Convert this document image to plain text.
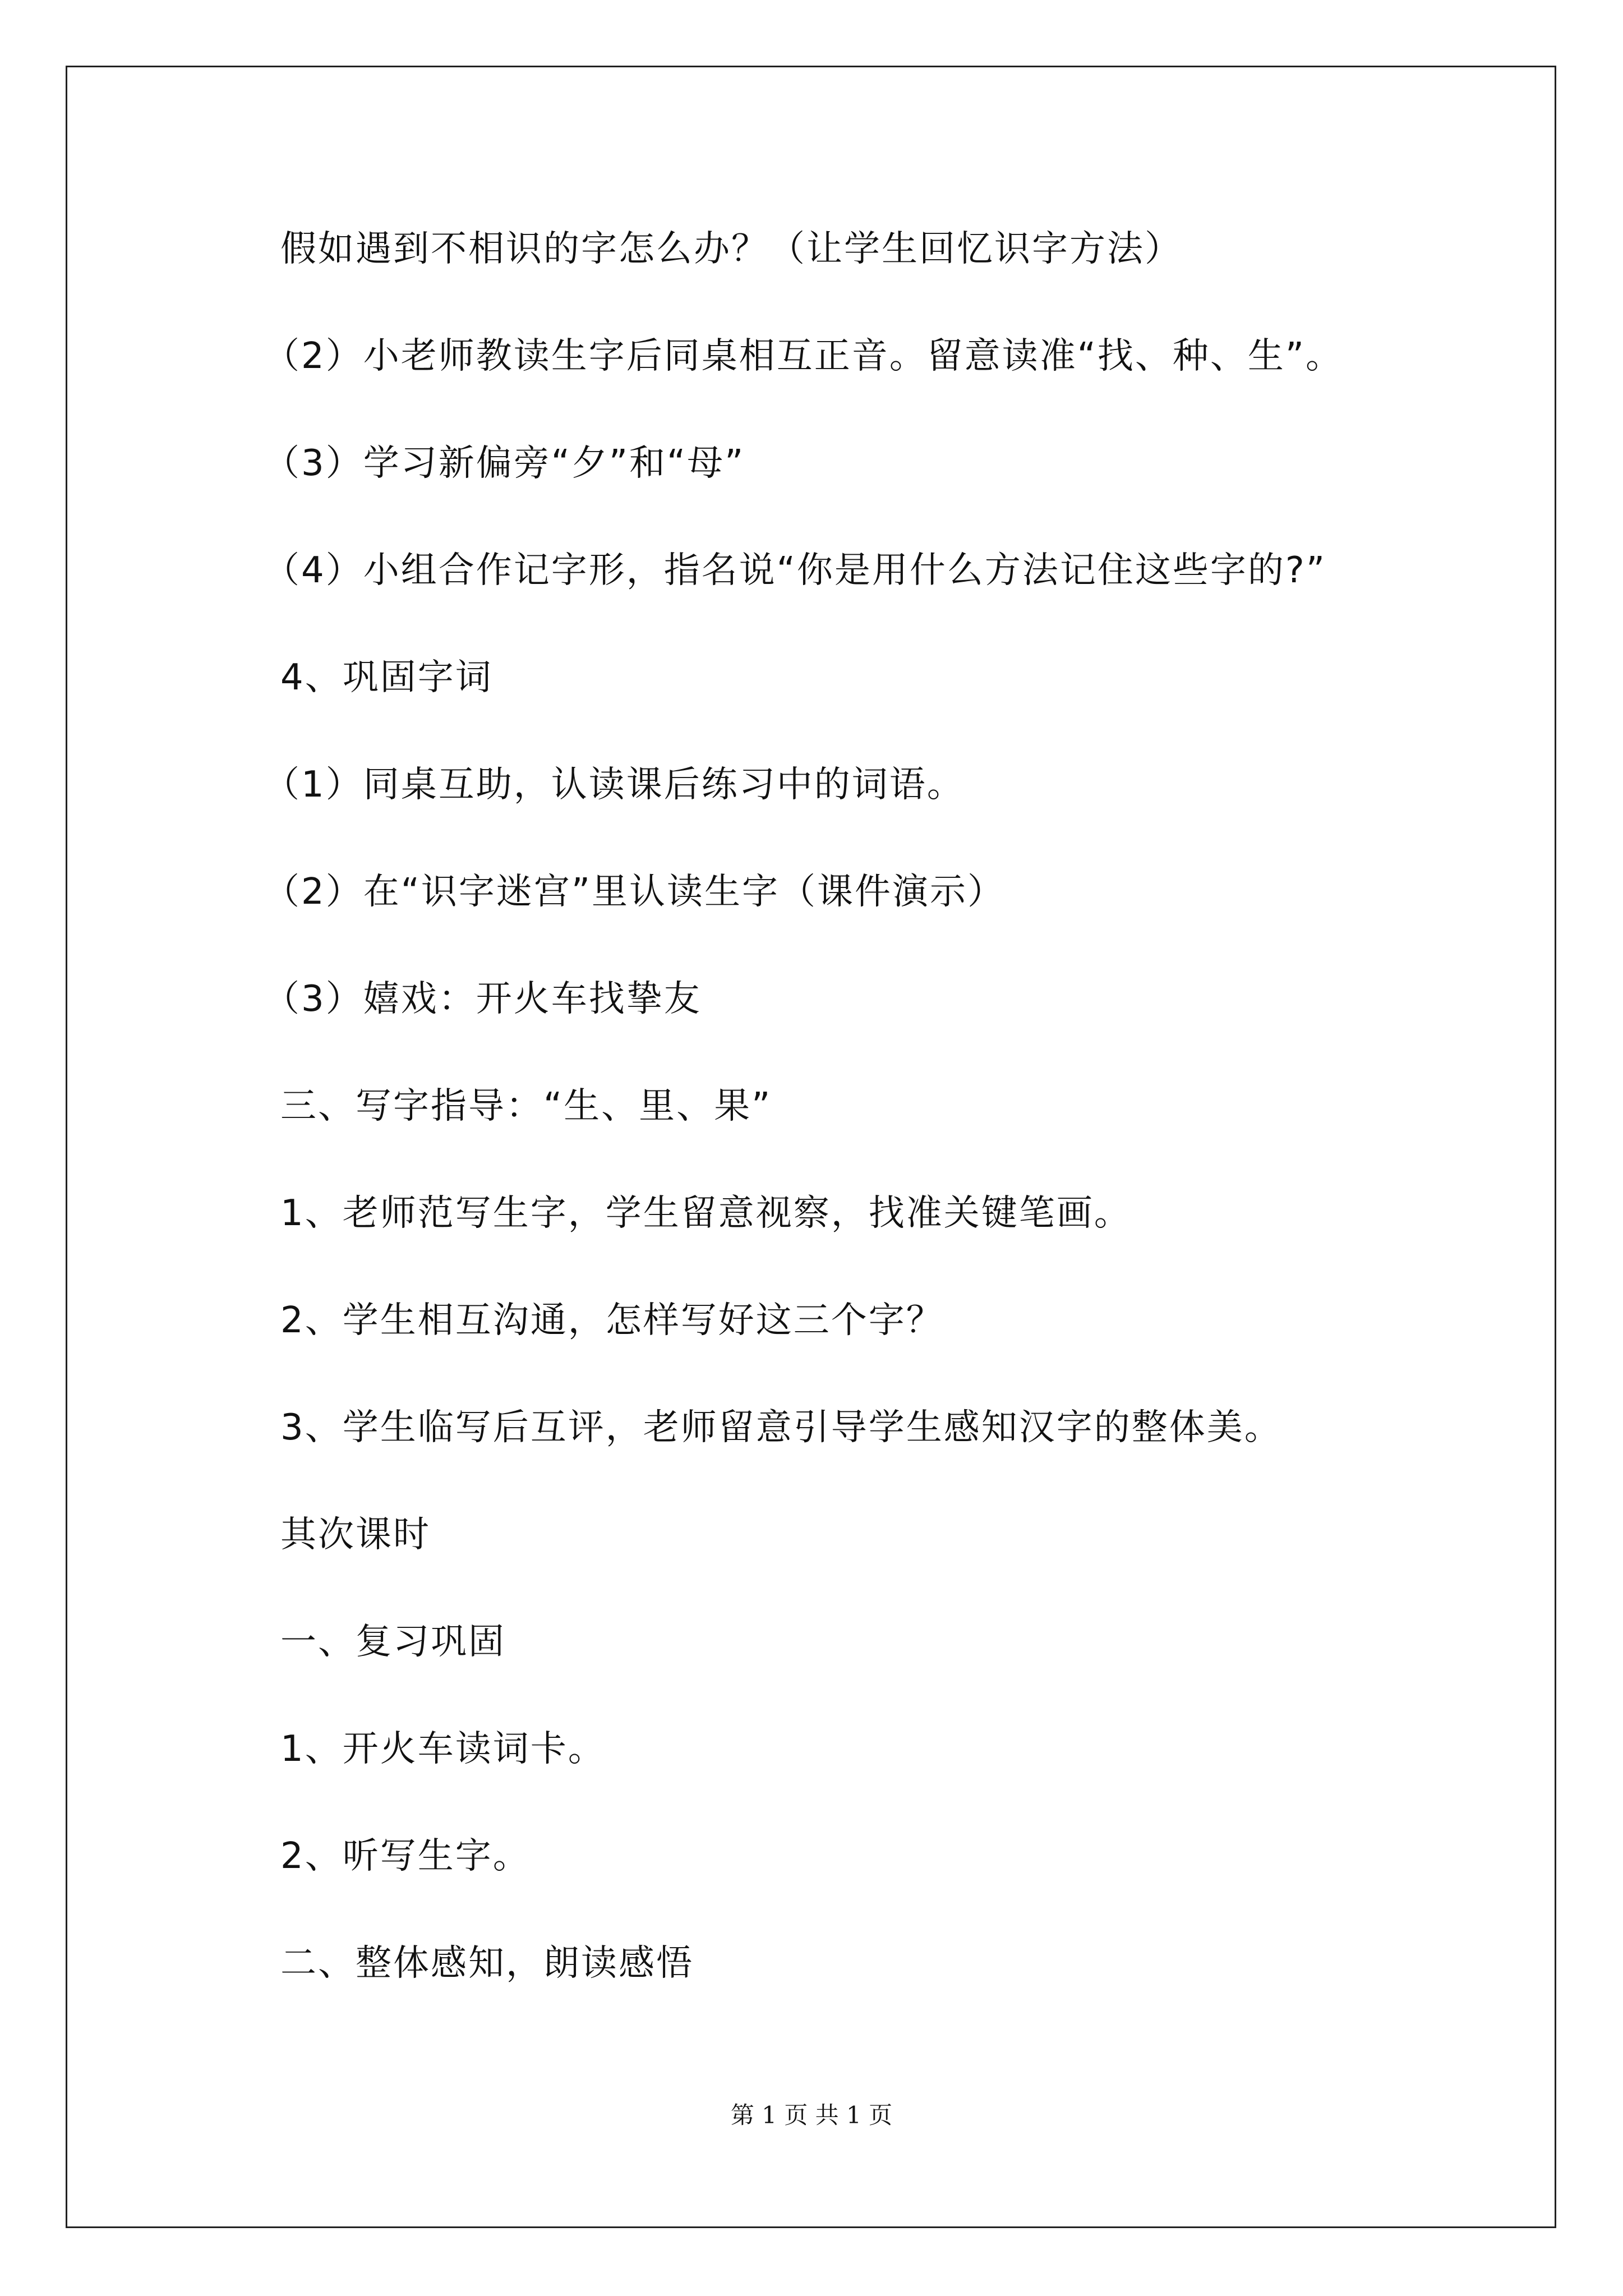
假如遇到不相识的字怎么办？（让学生回忆识字方法）
（2）小老师教读生字后同桌相互正音。留意读准“找、种、生”。
（3）学习新偏旁“夕”和“母”
（4）小组合作记字形，指名说“你是用什么方法记住这些字的?”
4、巩固字词
（1）同桌互助，认读课后练习中的词语。
（2）在“识字迷宫”里认读生字（课件演示）
（3）嬉戏：开火车找挚友
三、写字指导：“生、里、果”
1、老师范写生字，学生留意视察，找准关键笔画。
2、学生相互沟通，怎样写好这三个字？
3、学生临写后互评，老师留意引导学生感知汉字的整体美。
其次课时
一、复习巩固
1、开火车读词卡。
2、听写生字。
二、整体感知，朗读感悟
第 1 页 共 1 页
